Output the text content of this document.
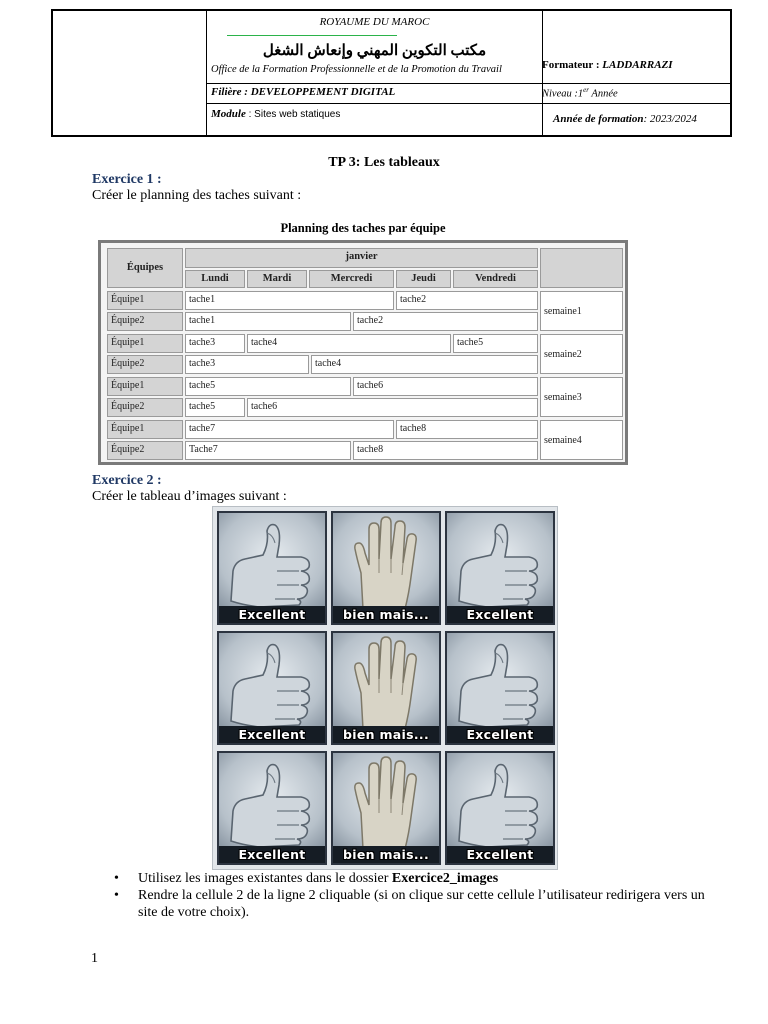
ROYAUME DU MAROC
مكتب التكوين المهني وإنعاش الشغل
Office de la Formation Professionnelle et de la Promotion du Travail	Formateur : LADDARRAZI
Filière : DEVELOPPEMENT DIGITAL	Niveau :1er Année
Module : Sites web statiques	Année de formation: 2023/2024
TP 3: Les tableaux
Exercice 1 :
Créer le planning des taches suivant :
Planning des taches par équipe
Équipes
janvier
Lundi	Mardi	Mercredi	Jeudi	Vendredi
Équipe1	tache1	tache2
Équipe2	tache1	tache2
semaine1
Équipe1	tache3	tache4	tache5
Équipe2	tache3	tache4
semaine2
Équipe1	tache5	tache6
Équipe2	tache5	tache6
semaine3
Équipe1	tache7	tache8
Équipe2	Tache7	tache8
semaine4
Exercice 2 :
Créer le tableau d’images suivant :
Excellent	bien mais...	Excellent
Excellent	bien mais...	Excellent
Excellent	bien mais...	Excellent
• Utilisez les images existantes dans le dossier Exercice2_images
• Rendre la cellule 2 de la ligne 2 cliquable (si on clique sur cette cellule l’utilisateur redirigera vers un site de votre choix).
1
